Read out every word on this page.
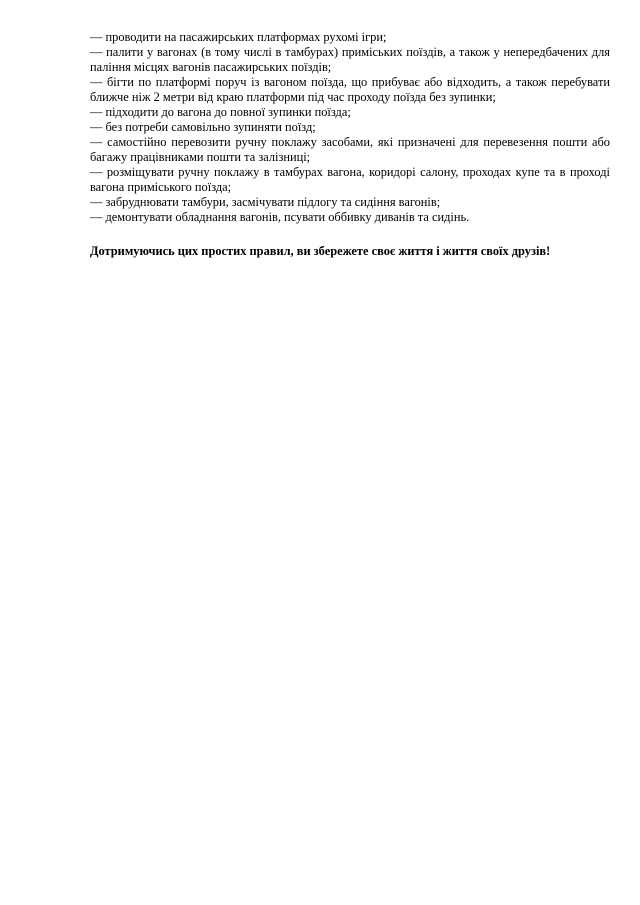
— проводити на пасажирських платформах рухомі ігри;
— палити у вагонах (в тому числі в тамбурах) приміських поїздів, а також у непередбачених для паління місцях вагонів пасажирських поїздів;
— бігти по платформі поруч із вагоном поїзда, що прибуває або відходить, а також перебувати ближче ніж 2 метри від краю платформи під час проходу поїзда без зупинки;
— підходити до вагона до повної зупинки поїзда;
— без потреби самовільно зупиняти поїзд;
— самостійно перевозити ручну поклажу засобами, які призначені для перевезення пошти або багажу працівниками пошти та залізниці;
— розміщувати ручну поклажу в тамбурах вагона, коридорі салону, проходах купе та в проході вагона приміського поїзда;
— забруднювати тамбури, засмічувати підлогу та сидіння вагонів;
— демонтувати обладнання вагонів, псувати оббивку диванів та сидінь.

Дотримуючись цих простих правил, ви збережете своє життя і життя своїх друзів!
